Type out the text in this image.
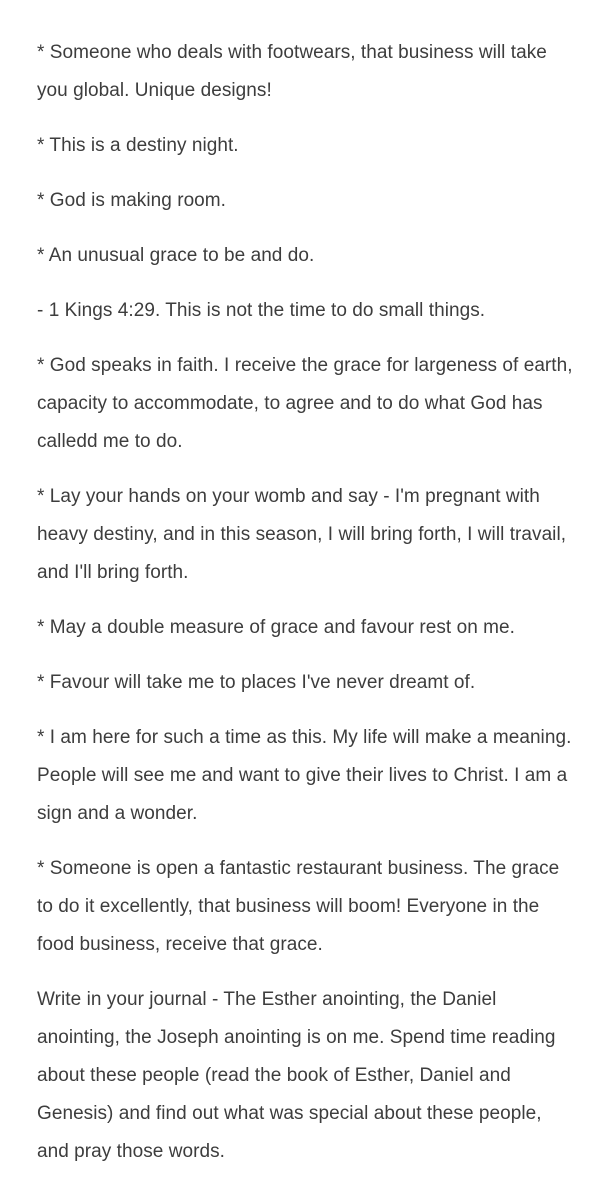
* Someone who deals with footwears, that business will take you global. Unique designs!

* This is a destiny night.

* God is making room.

* An unusual grace to be and do.

- 1 Kings 4:29. This is not the time to do small things.

* God speaks in faith. I receive the grace for largeness of earth, capacity to accommodate, to agree and to do what God has calledd me to do.

* Lay your hands on your womb and say - I'm pregnant with heavy destiny, and in this season, I will bring forth, I will travail, and I'll bring forth.

* May a double measure of grace and favour rest on me.

* Favour will take me to places I've never dreamt of.

* I am here for such a time as this. My life will make a meaning. People will see me and want to give their lives to Christ. I am a sign and a wonder.

* Someone is open a fantastic restaurant business. The grace to do it excellently, that business will boom! Everyone in the food business, receive that grace.

Write in your journal - The Esther anointing, the Daniel anointing, the Joseph anointing is on me. Spend time reading about these people (read the book of Esther, Daniel and Genesis) and find out what was special about these people, and pray those words.
